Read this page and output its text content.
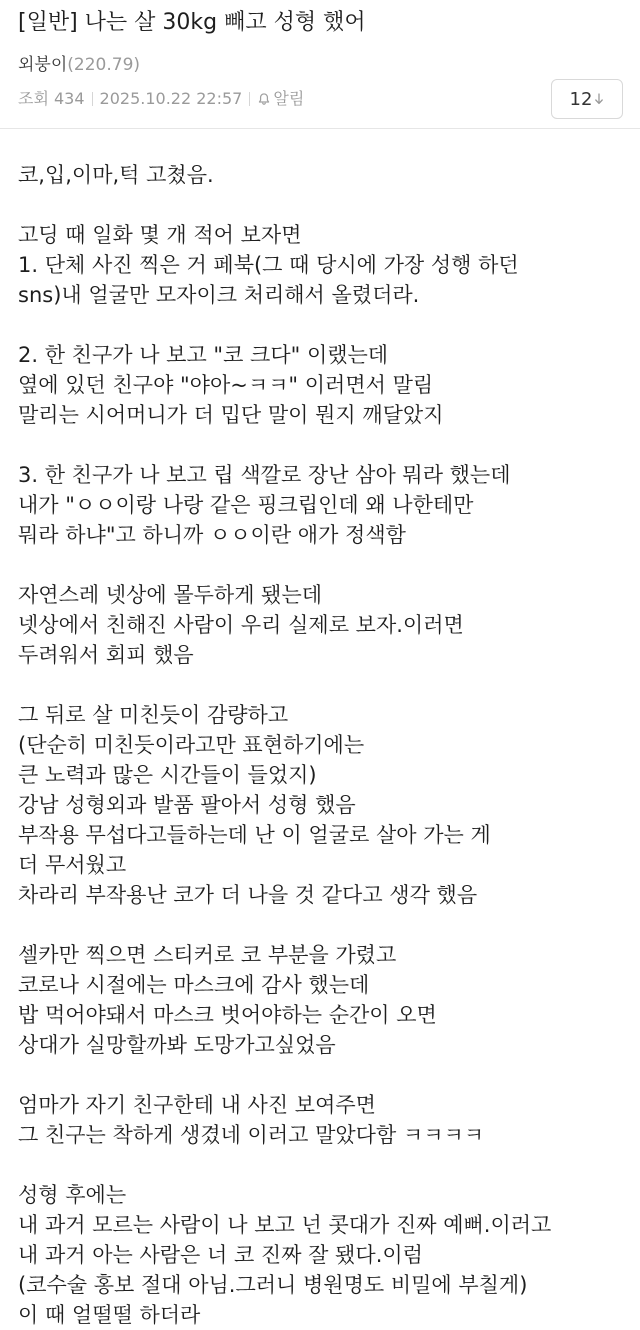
[일반] 나는 살 30kg 빼고 성형 했어
외붕이(220.79)
조회 434 2025.10.22 22:57 알림	12

코,입,이마,턱 고쳤음.

고딩 때 일화 몇 개 적어 보자면

1. 단체 사진 찍은 거 페북(그 때 당시에 가장 성행 하던

sns)내 얼굴만 모자이크 처리해서 올렸더라.

2. 한 친구가 나 보고 "코 크다" 이랬는데

옆에 있던 친구야 "야아~ㅋㅋ" 이러면서 말림

말리는 시어머니가 더 밉단 말이 뭔지 깨달았지

3. 한 친구가 나 보고 립 색깔로 장난 삼아 뭐라 했는데

내가 "ㅇㅇ이랑 나랑 같은 핑크립인데 왜 나한테만

뭐라 하냐"고 하니까 ㅇㅇ이란 애가 정색함

자연스레 넷상에 몰두하게 됐는데

넷상에서 친해진 사람이 우리 실제로 보자.이러면

두려워서 회피 했음

그 뒤로 살 미친듯이 감량하고

(단순히 미친듯이라고만 표현하기에는

큰 노력과 많은 시간들이 들었지)

강남 성형외과 발품 팔아서 성형 했음

부작용 무섭다고들하는데 난 이 얼굴로 살아 가는 게

더 무서웠고

차라리 부작용난 코가 더 나을 것 같다고 생각 했음

셀카만 찍으면 스티커로 코 부분을 가렸고

코로나 시절에는 마스크에 감사 했는데

밥 먹어야돼서 마스크 벗어야하는 순간이 오면

상대가 실망할까봐 도망가고싶었음

엄마가 자기 친구한테 내 사진 보여주면

그 친구는 착하게 생겼네 이러고 말았다함 ㅋㅋㅋㅋ

성형 후에는

내 과거 모르는 사람이 나 보고 넌 콧대가 진짜 예뻐.이러고

내 과거 아는 사람은 너 코 진짜 잘 됐다.이럼

(코수술 홍보 절대 아님.그러니 병원명도 비밀에 부칠게)

이 때 얼떨떨 하더라
